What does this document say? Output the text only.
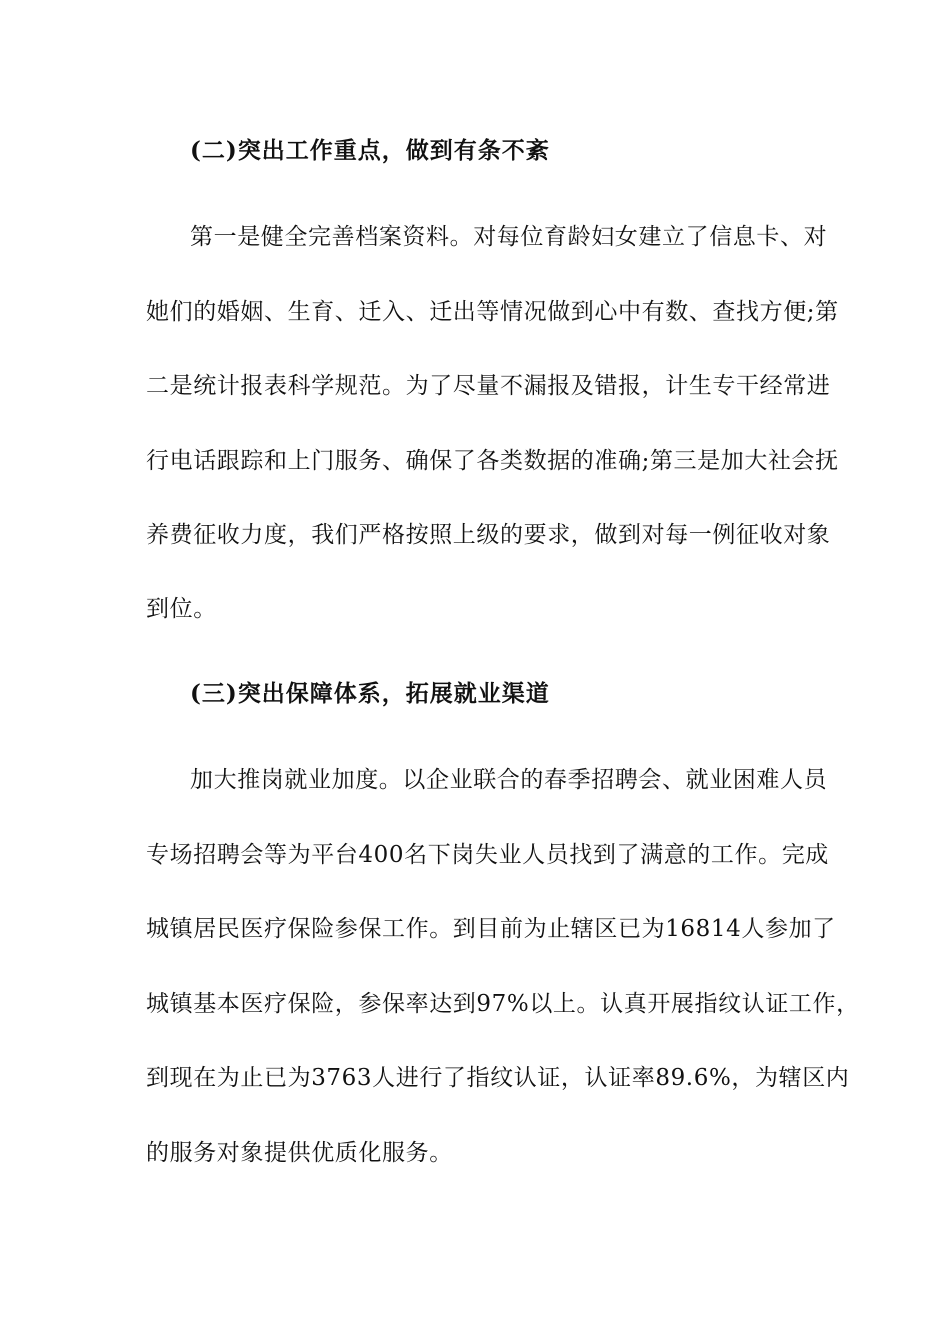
(二)突出工作重点，做到有条不紊
第一是健全完善档案资料。对每位育龄妇女建立了信息卡、对
她们的婚姻、生育、迁入、迁出等情况做到心中有数、查找方便;第
二是统计报表科学规范。为了尽量不漏报及错报，计生专干经常进
行电话跟踪和上门服务、确保了各类数据的准确;第三是加大社会抚
养费征收力度，我们严格按照上级的要求，做到对每一例征收对象
到位。
(三)突出保障体系，拓展就业渠道
加大推岗就业加度。以企业联合的春季招聘会、就业困难人员
专场招聘会等为平台400名下岗失业人员找到了满意的工作。完成
城镇居民医疗保险参保工作。到目前为止辖区已为16814人参加了
城镇基本医疗保险，参保率达到97%以上。认真开展指纹认证工作，
到现在为止已为3763人进行了指纹认证，认证率89.6%，为辖区内
的服务对象提供优质化服务。
